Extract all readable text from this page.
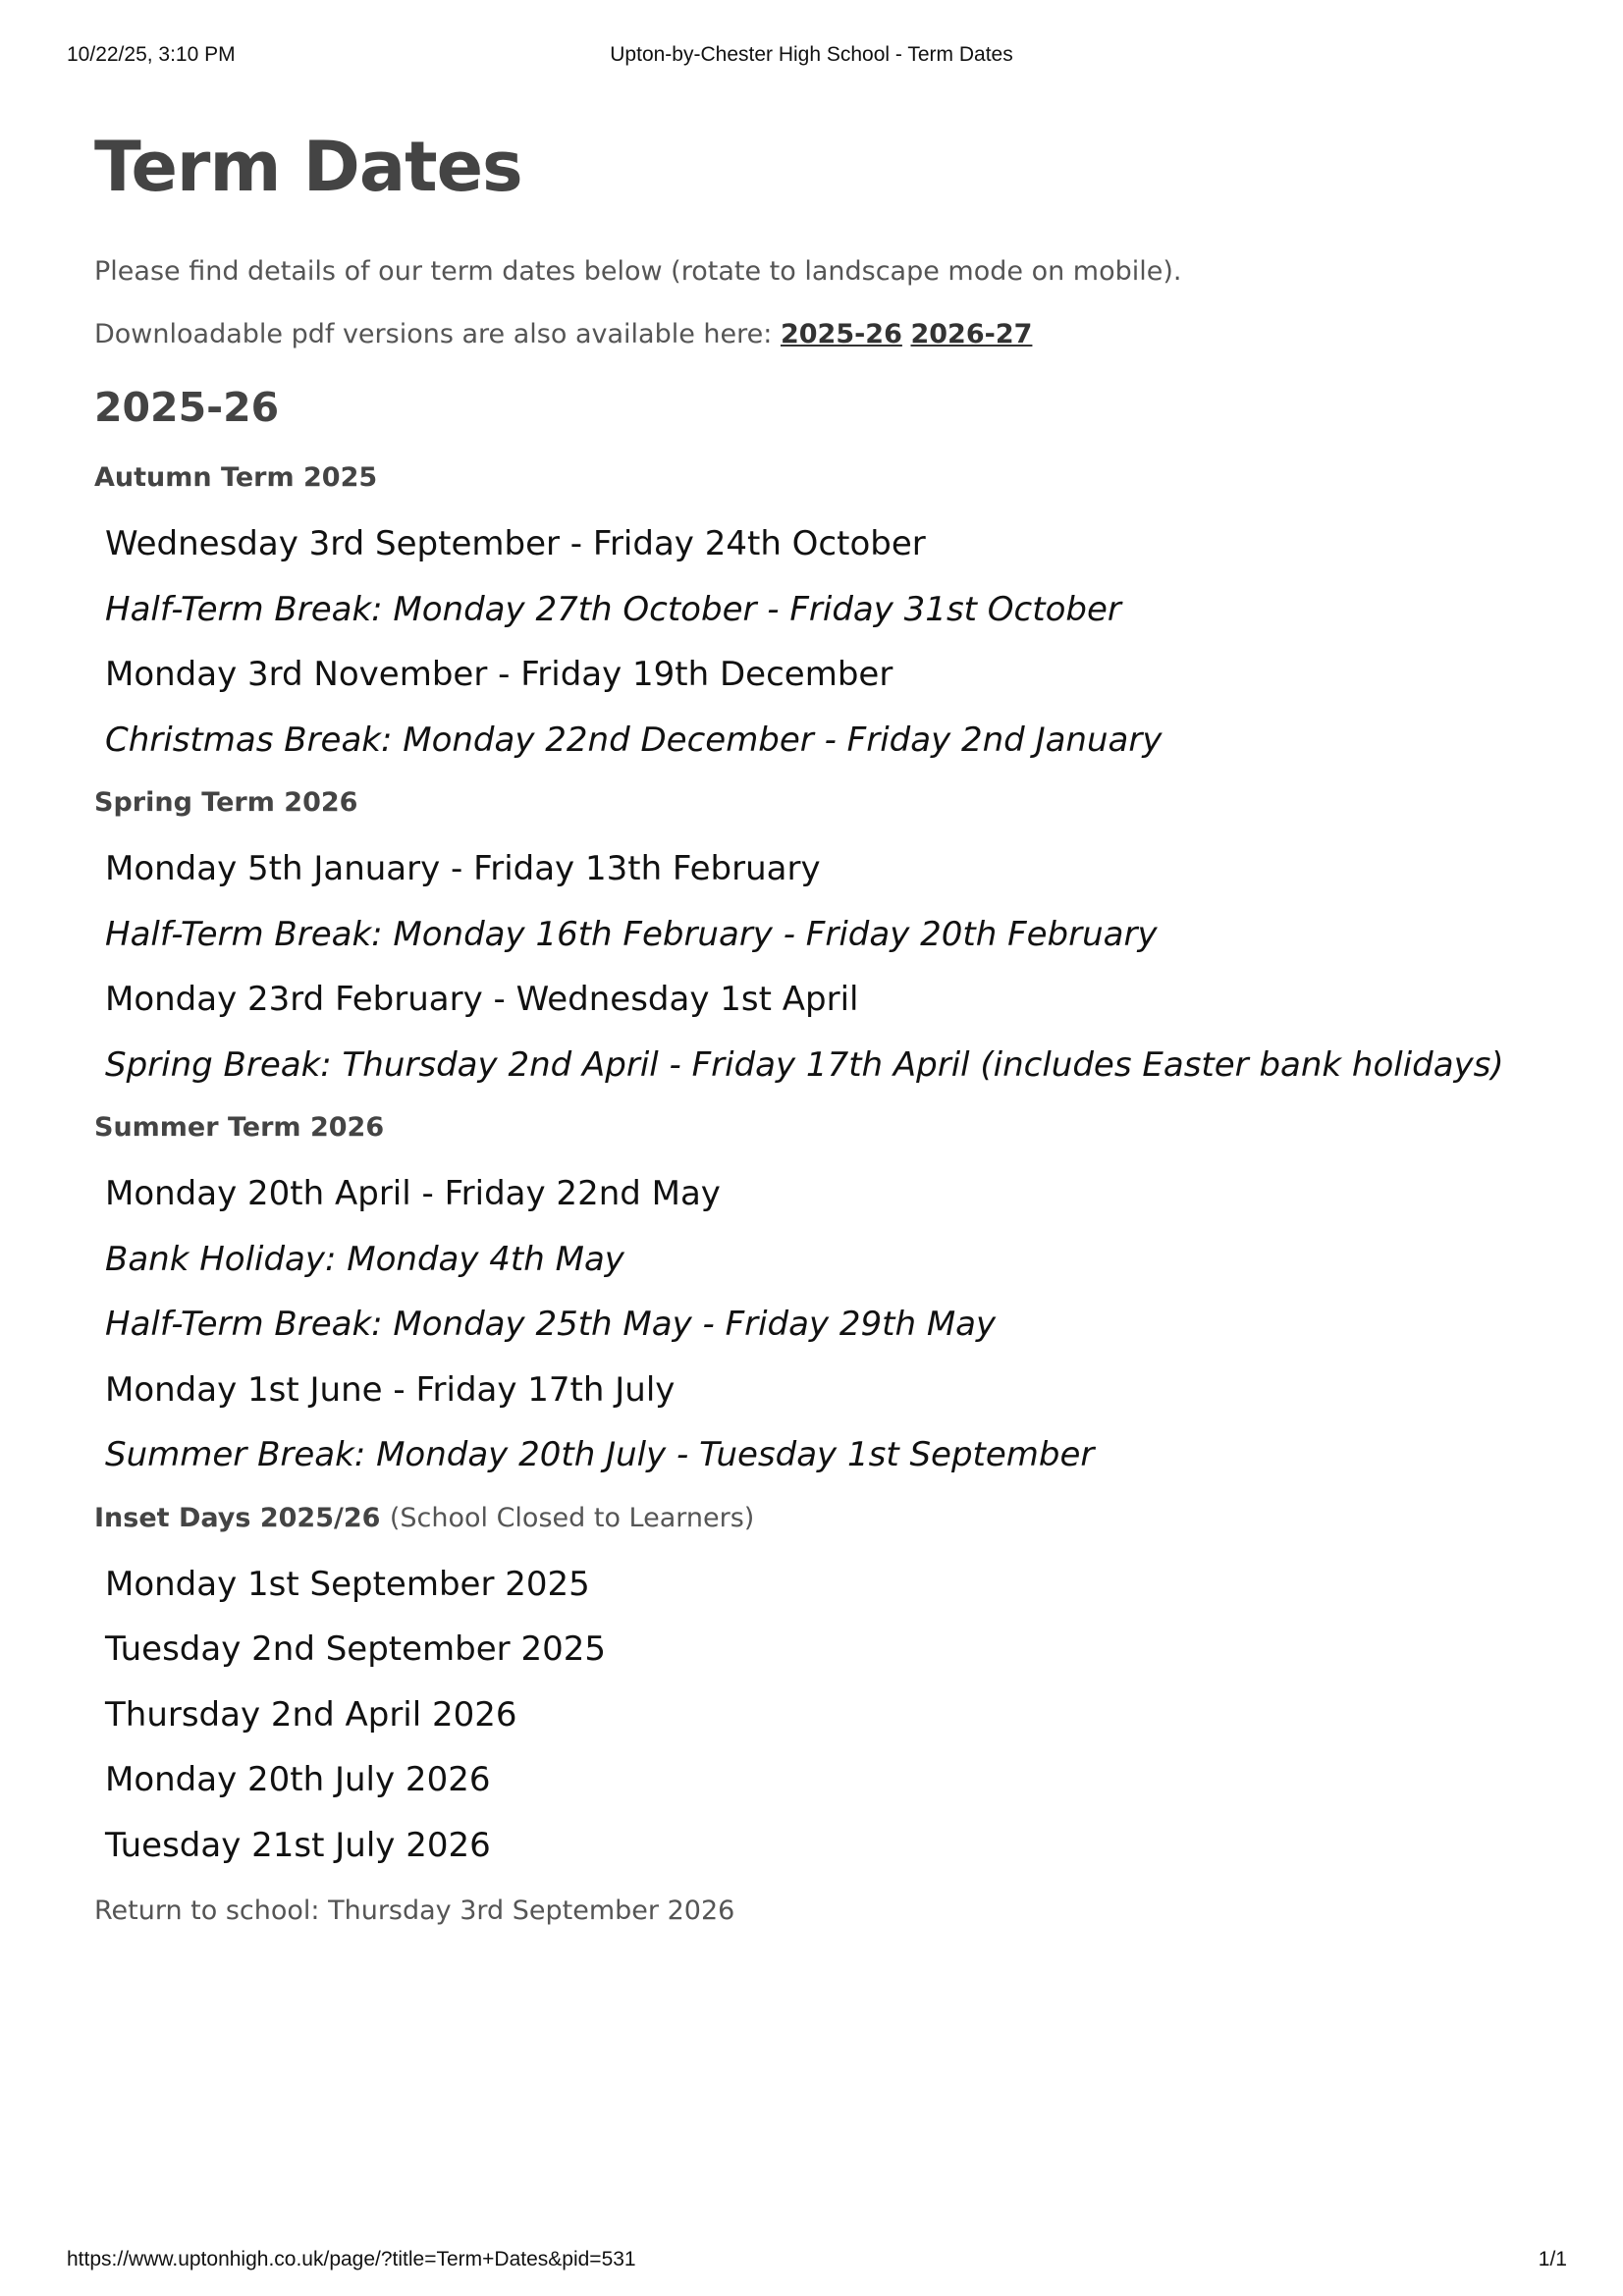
10/22/25, 3:10 PM	Upton-by-Chester High School - Term Dates
Term Dates

Please find details of our term dates below (rotate to landscape mode on mobile).

Downloadable pdf versions are also available here: 2025-26 2026-27

2025-26
Autumn Term 2025
Wednesday 3rd September - Friday 24th October
Half-Term Break: Monday 27th October - Friday 31st October
Monday 3rd November - Friday 19th December
Christmas Break: Monday 22nd December - Friday 2nd January
Spring Term 2026
Monday 5th January - Friday 13th February
Half-Term Break: Monday 16th February - Friday 20th February
Monday 23rd February - Wednesday 1st April
Spring Break: Thursday 2nd April - Friday 17th April (includes Easter bank holidays)
Summer Term 2026
Monday 20th April - Friday 22nd May
Bank Holiday: Monday 4th May
Half-Term Break: Monday 25th May - Friday 29th May
Monday 1st June - Friday 17th July
Summer Break: Monday 20th July - Tuesday 1st September
Inset Days 2025/26 (School Closed to Learners)
Monday 1st September 2025
Tuesday 2nd September 2025
Thursday 2nd April 2026
Monday 20th July 2026
Tuesday 21st July 2026

Return to school: Thursday 3rd September 2026

https://www.uptonhigh.co.uk/page/?title=Term+Dates&pid=531	1/1
